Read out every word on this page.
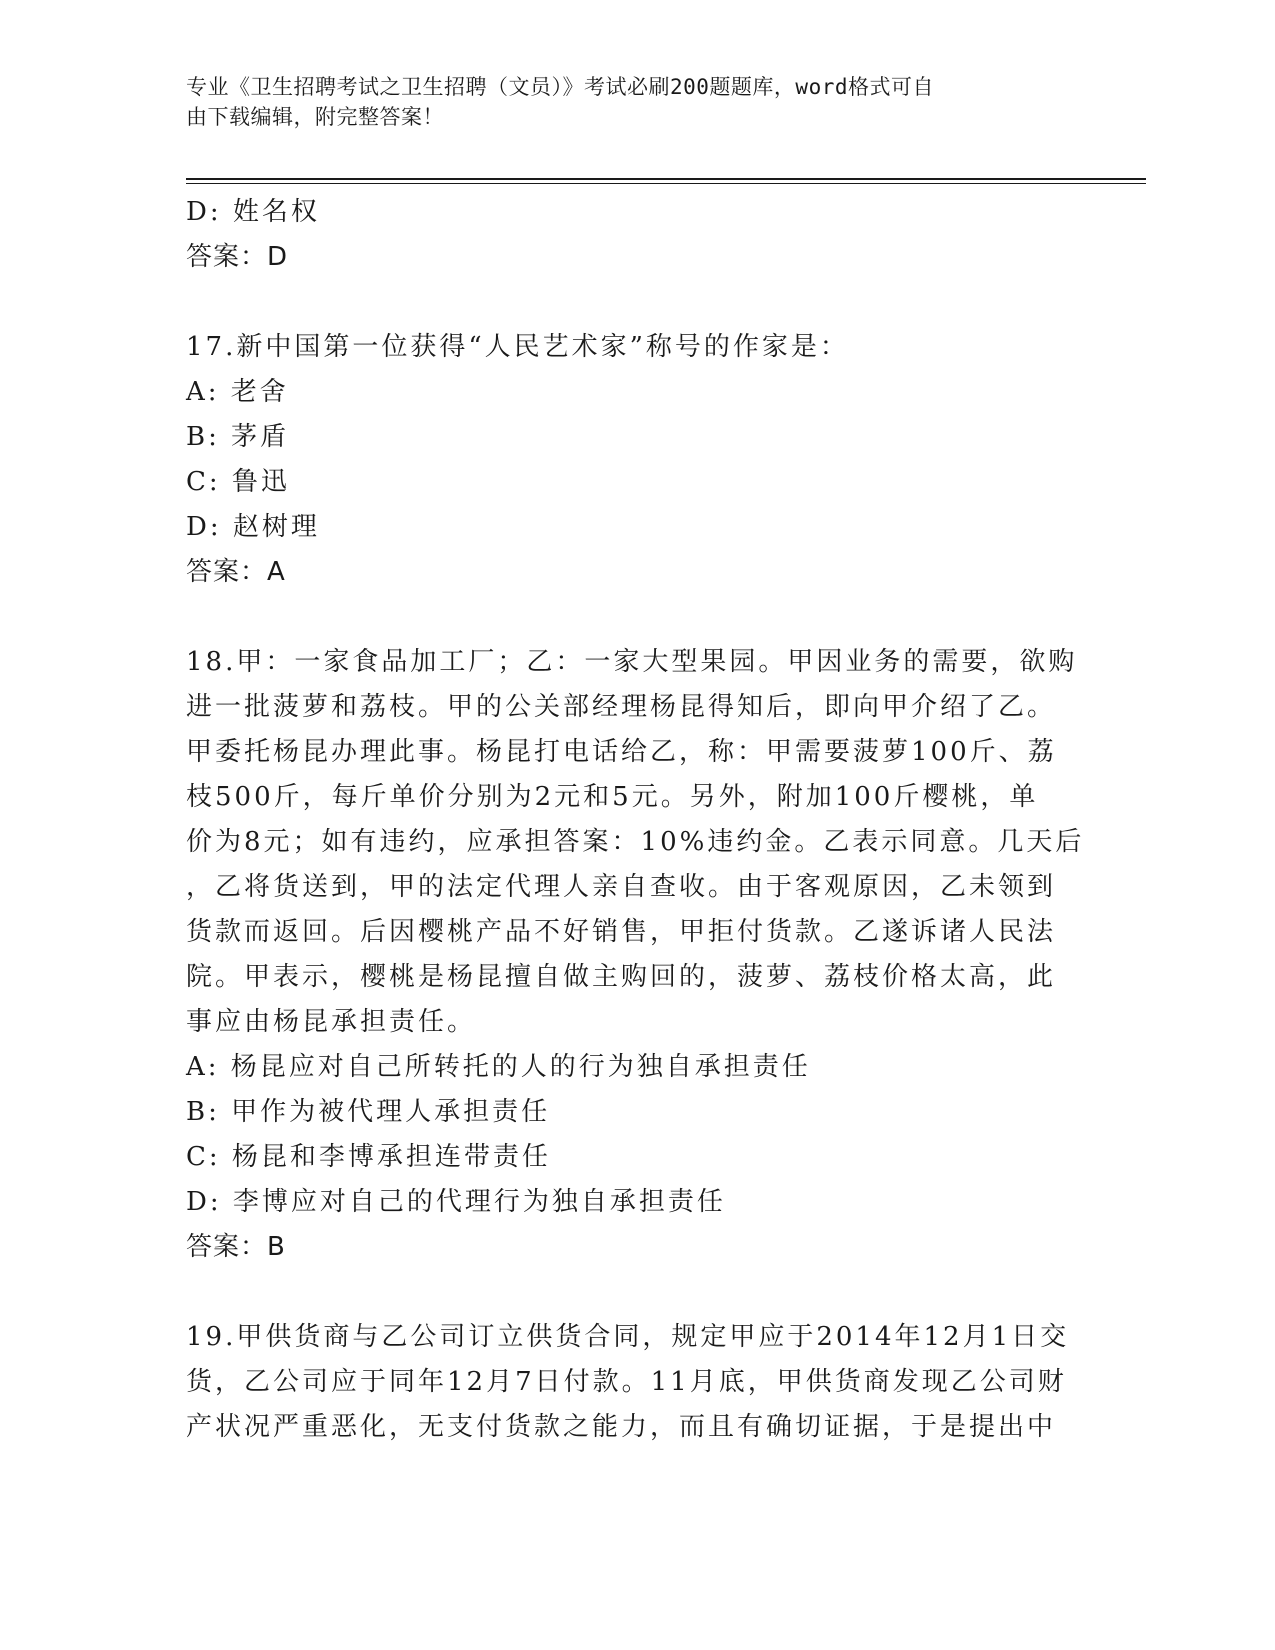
专业《卫生招聘考试之卫生招聘（文员）》考试必刷200题题库，word格式可自
由下载编辑，附完整答案！
D: 姓名权
答案：D
17.新中国第一位获得“人民艺术家”称号的作家是：
A: 老舍
B: 茅盾
C: 鲁迅
D: 赵树理
答案：A
18.甲：一家食品加工厂；乙：一家大型果园。甲因业务的需要，欲购
进一批菠萝和荔枝。甲的公关部经理杨昆得知后，即向甲介绍了乙。
甲委托杨昆办理此事。杨昆打电话给乙，称：甲需要菠萝100斤、荔
枝500斤，每斤单价分别为2元和5元。另外，附加100斤樱桃，单
价为8元；如有违约，应承担答案：10%违约金。乙表示同意。几天后
，乙将货送到，甲的法定代理人亲自查收。由于客观原因，乙未领到
货款而返回。后因樱桃产品不好销售，甲拒付货款。乙遂诉诸人民法
院。甲表示，樱桃是杨昆擅自做主购回的，菠萝、荔枝价格太高，此
事应由杨昆承担责任。
A: 杨昆应对自己所转托的人的行为独自承担责任
B: 甲作为被代理人承担责任
C: 杨昆和李博承担连带责任
D: 李博应对自己的代理行为独自承担责任
答案：B
19.甲供货商与乙公司订立供货合同，规定甲应于2014年12月1日交
货，乙公司应于同年12月7日付款。11月底，甲供货商发现乙公司财
产状况严重恶化，无支付货款之能力，而且有确切证据，于是提出中
